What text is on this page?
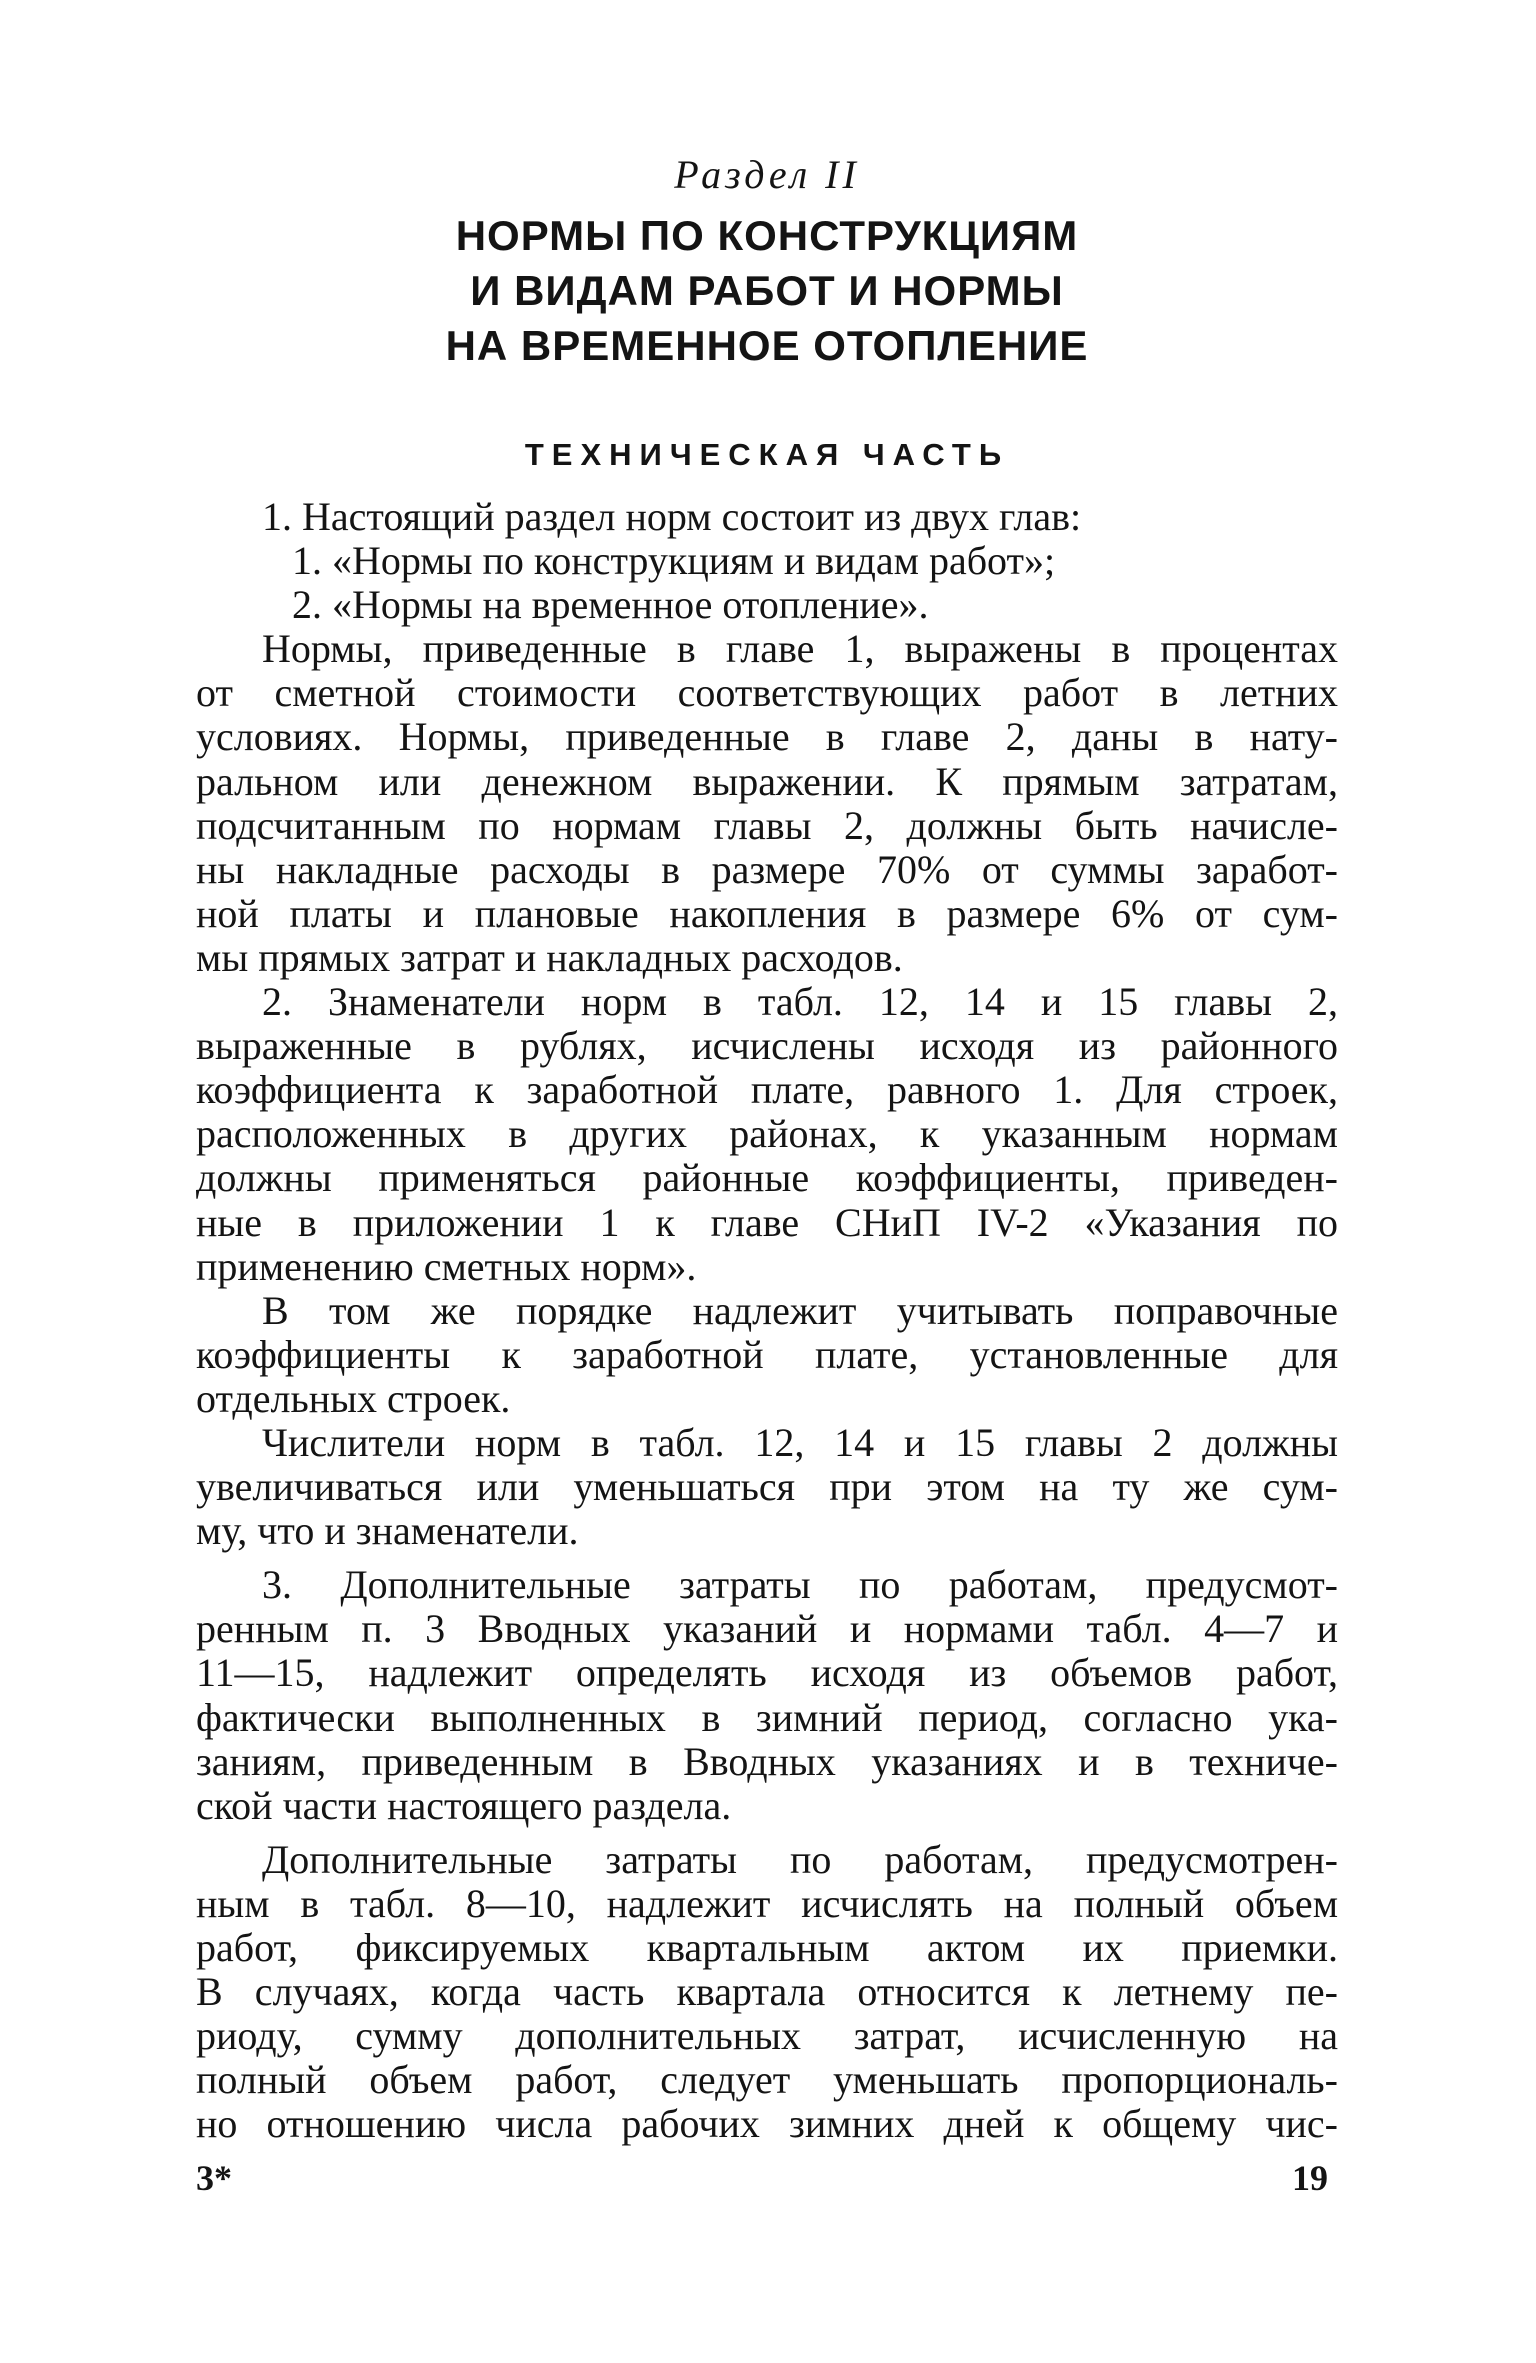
Раздел II
НОРМЫ ПО КОНСТРУКЦИЯМ
И ВИДАМ РАБОТ И НОРМЫ
НА ВРЕМЕННОЕ ОТОПЛЕНИЕ
ТЕХНИЧЕСКАЯ ЧАСТЬ
1. Настоящий раздел норм состоит из двух глав:
1. «Нормы по конструкциям и видам работ»;
2. «Нормы на временное отопление».
Нормы, приведенные в главе 1, выражены в процентах
от сметной стоимости соответствующих работ в летних
условиях. Нормы, приведенные в главе 2, даны в нату-
ральном или денежном выражении. К прямым затратам,
подсчитанным по нормам главы 2, должны быть начисле-
ны накладные расходы в размере 70% от суммы заработ-
ной платы и плановые накопления в размере 6% от сум-
мы прямых затрат и накладных расходов.
2. Знаменатели норм в табл. 12, 14 и 15 главы 2,
выраженные в рублях, исчислены исходя из районного
коэффициента к заработной плате, равного 1. Для строек,
расположенных в других районах, к указанным нормам
должны применяться районные коэффициенты, приведен-
ные в приложении 1 к главе СНиП IV-2 «Указания по
применению сметных норм».
В том же порядке надлежит учитывать поправочные
коэффициенты к заработной плате, установленные для
отдельных строек.
Числители норм в табл. 12, 14 и 15 главы 2 должны
увеличиваться или уменьшаться при этом на ту же сум-
му, что и знаменатели.
3. Дополнительные затраты по работам, предусмот-
ренным п. 3 Вводных указаний и нормами табл. 4—7 и
11—15, надлежит определять исходя из объемов работ,
фактически выполненных в зимний период, согласно ука-
заниям, приведенным в Вводных указаниях и в техниче-
ской части настоящего раздела.
Дополнительные затраты по работам, предусмотрен-
ным в табл. 8—10, надлежит исчислять на полный объем
работ, фиксируемых квартальным актом их приемки.
В случаях, когда часть квартала относится к летнему пе-
риоду, сумму дополнительных затрат, исчисленную на
полный объем работ, следует уменьшать пропорциональ-
но отношению числа рабочих зимних дней к общему чис-
3*	19
